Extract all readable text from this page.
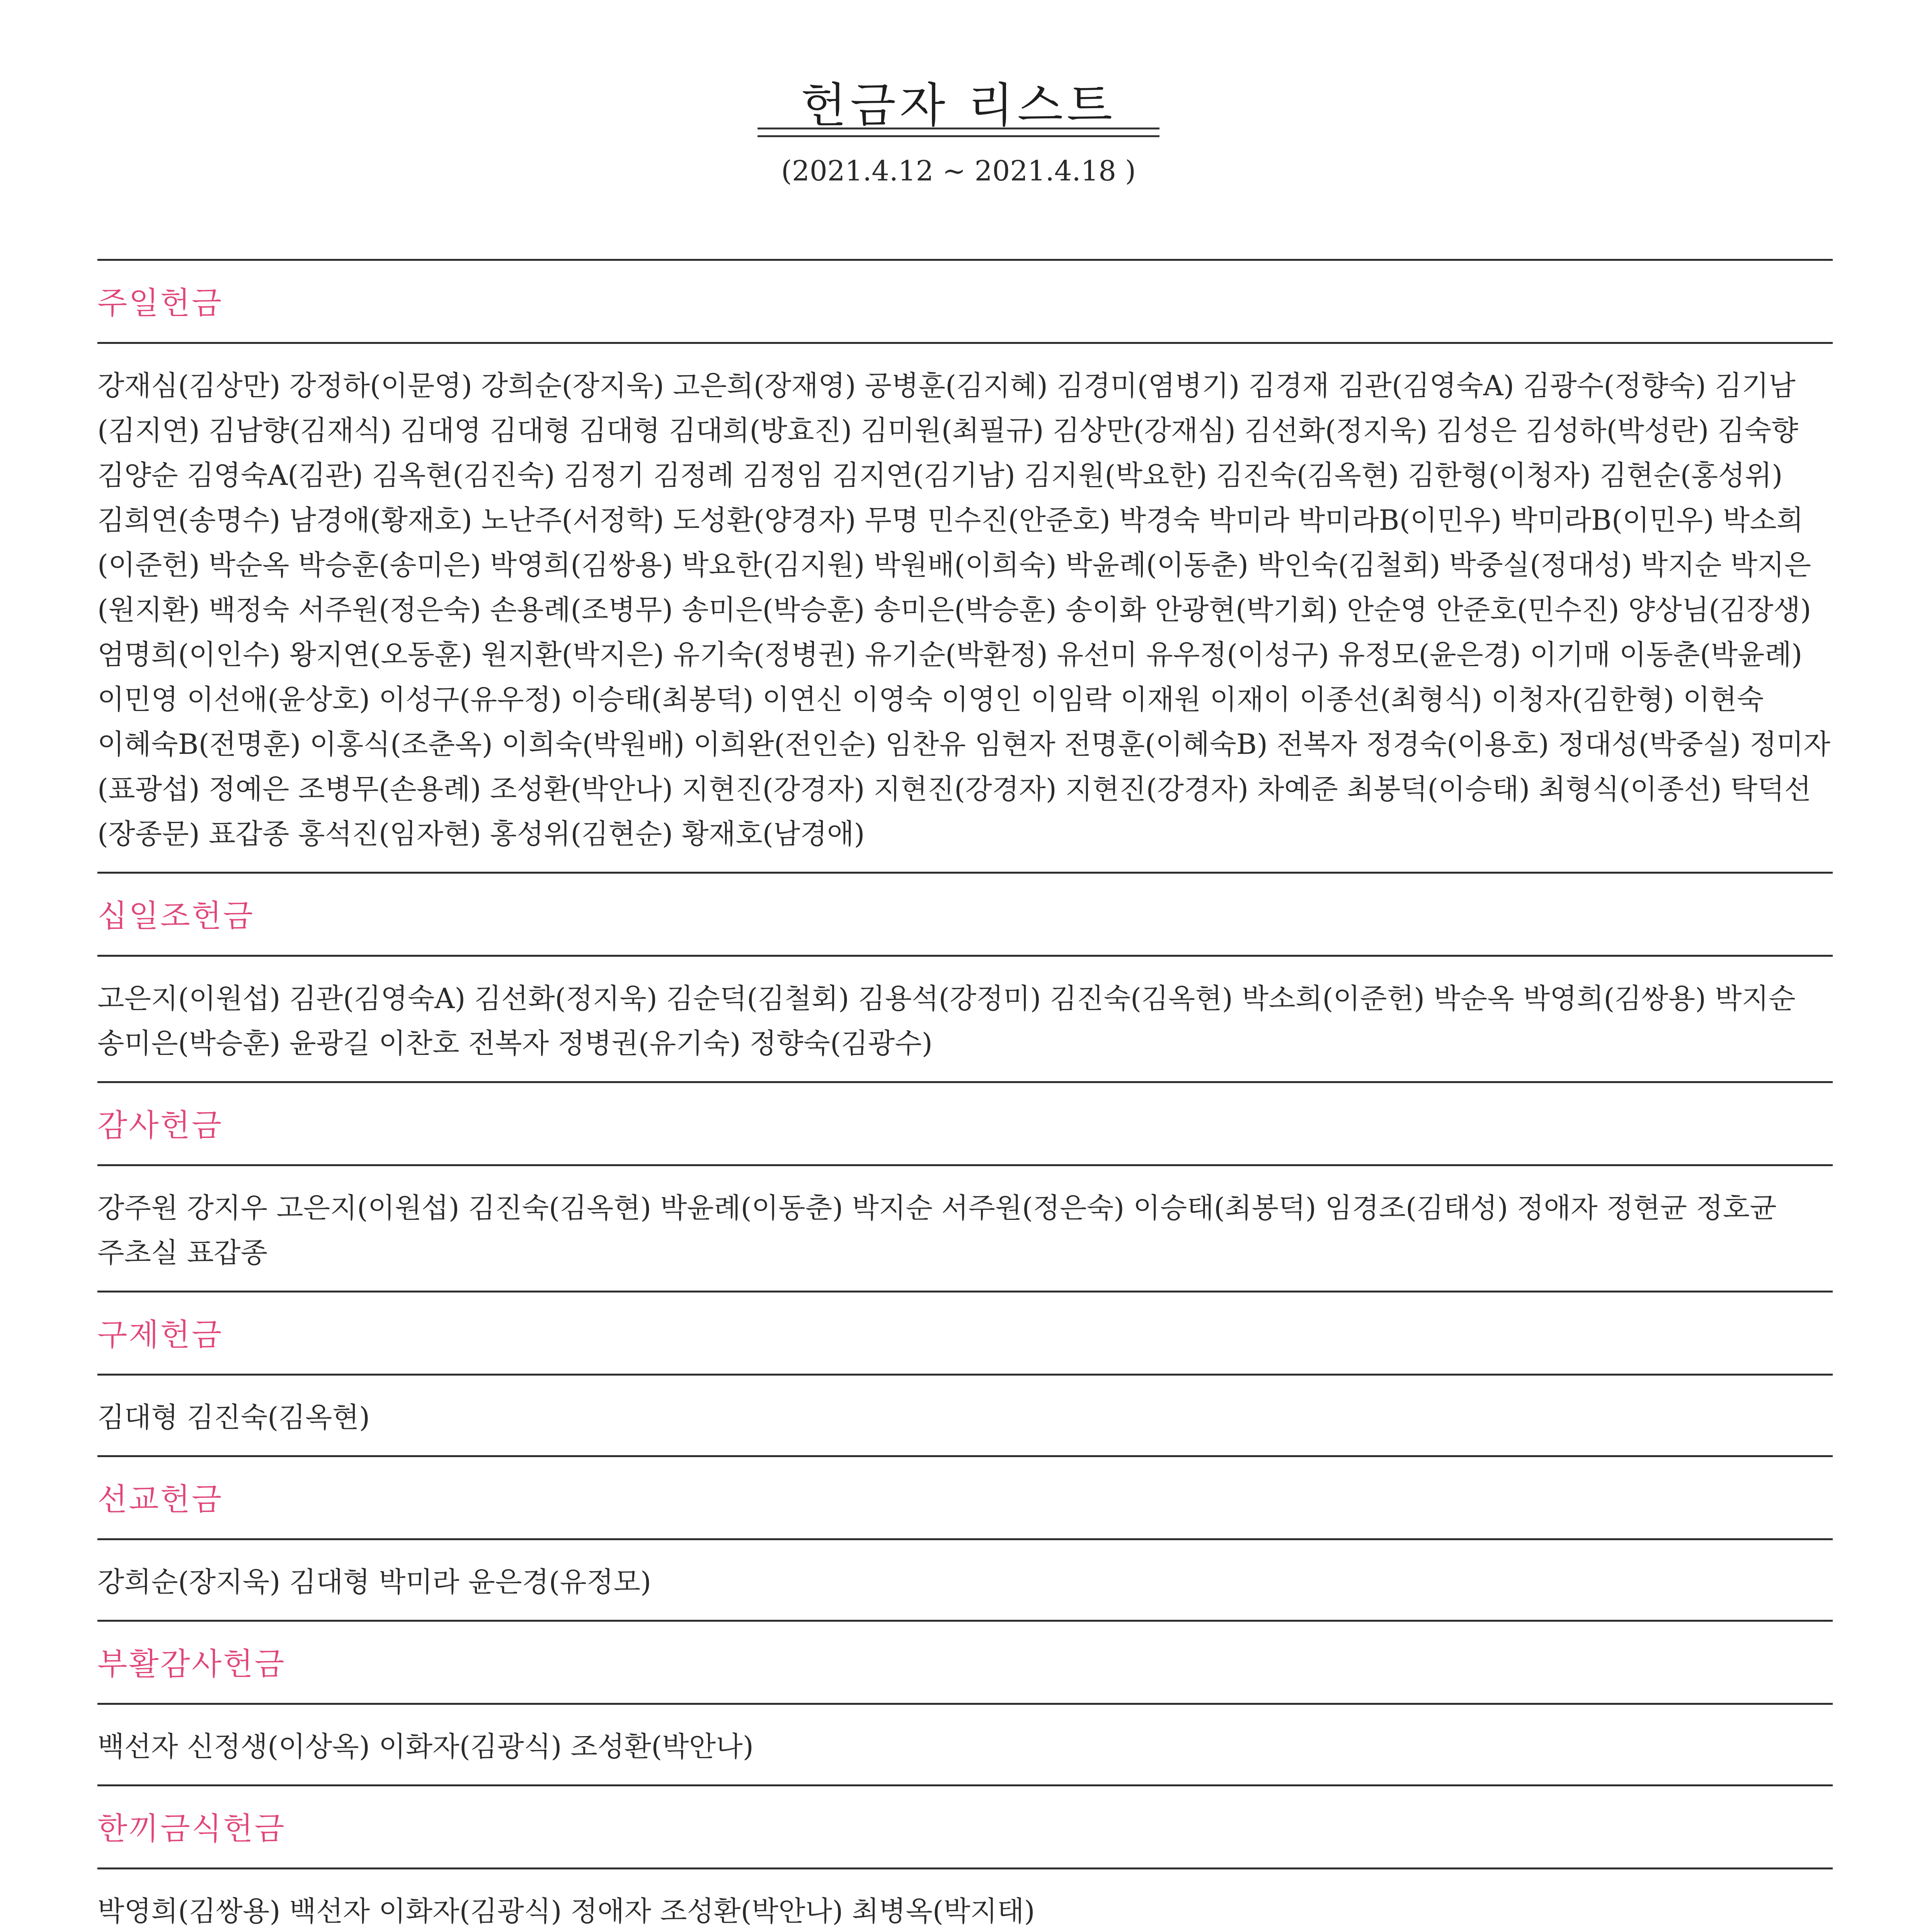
헌금자 리스트
(2021.4.12 ~ 2021.4.18 )
주일헌금
강재심(김상만) 강정하(이문영) 강희순(장지욱) 고은희(장재영) 공병훈(김지혜) 김경미(염병기) 김경재 김관(김영숙A) 김광수(정향숙) 김기남(김지연) 김남향(김재식) 김대영 김대형 김대형 김대희(방효진) 김미원(최필규) 김상만(강재심) 김선화(정지욱) 김성은 김성하(박성란) 김숙향 김양순 김영숙A(김관) 김옥현(김진숙) 김정기 김정례 김정임 김지연(김기남) 김지원(박요한) 김진숙(김옥현) 김한형(이청자) 김현순(홍성위) 김희연(송명수) 남경애(황재호) 노난주(서정학) 도성환(양경자) 무명 민수진(안준호) 박경숙 박미라 박미라B(이민우) 박미라B(이민우) 박소희(이준헌) 박순옥 박승훈(송미은) 박영희(김쌍용) 박요한(김지원) 박원배(이희숙) 박윤례(이동춘) 박인숙(김철회) 박중실(정대성) 박지순 박지은(원지환) 백정숙 서주원(정은숙) 손용례(조병무) 송미은(박승훈) 송미은(박승훈) 송이화 안광현(박기회) 안순영 안준호(민수진) 양상님(김장생) 엄명희(이인수) 왕지연(오동훈) 원지환(박지은) 유기숙(정병권) 유기순(박환정) 유선미 유우정(이성구) 유정모(윤은경) 이기매 이동춘(박윤례) 이민영 이선애(윤상호) 이성구(유우정) 이승태(최봉덕) 이연신 이영숙 이영인 이임락 이재원 이재이 이종선(최형식) 이청자(김한형) 이현숙 이혜숙B(전명훈) 이홍식(조춘옥) 이희숙(박원배) 이희완(전인순) 임찬유 임현자 전명훈(이혜숙B) 전복자 정경숙(이용호) 정대성(박중실) 정미자(표광섭) 정예은 조병무(손용례) 조성환(박안나) 지현진(강경자) 지현진(강경자) 지현진(강경자) 차예준 최봉덕(이승태) 최형식(이종선) 탁덕선(장종문) 표갑종 홍석진(임자현) 홍성위(김현순) 황재호(남경애)
십일조헌금
고은지(이원섭) 김관(김영숙A) 김선화(정지욱) 김순덕(김철회) 김용석(강정미) 김진숙(김옥현) 박소희(이준헌) 박순옥 박영희(김쌍용) 박지순 송미은(박승훈) 윤광길 이찬호 전복자 정병권(유기숙) 정향숙(김광수)
감사헌금
강주원 강지우 고은지(이원섭) 김진숙(김옥현) 박윤례(이동춘) 박지순 서주원(정은숙) 이승태(최봉덕) 임경조(김태성) 정애자 정현균 정호균 주초실 표갑종
구제헌금
김대형 김진숙(김옥현)
선교헌금
강희순(장지욱) 김대형 박미라 윤은경(유정모)
부활감사헌금
백선자 신정생(이상옥) 이화자(김광식) 조성환(박안나)
한끼금식헌금
박영희(김쌍용) 백선자 이화자(김광식) 정애자 조성환(박안나) 최병옥(박지태)
